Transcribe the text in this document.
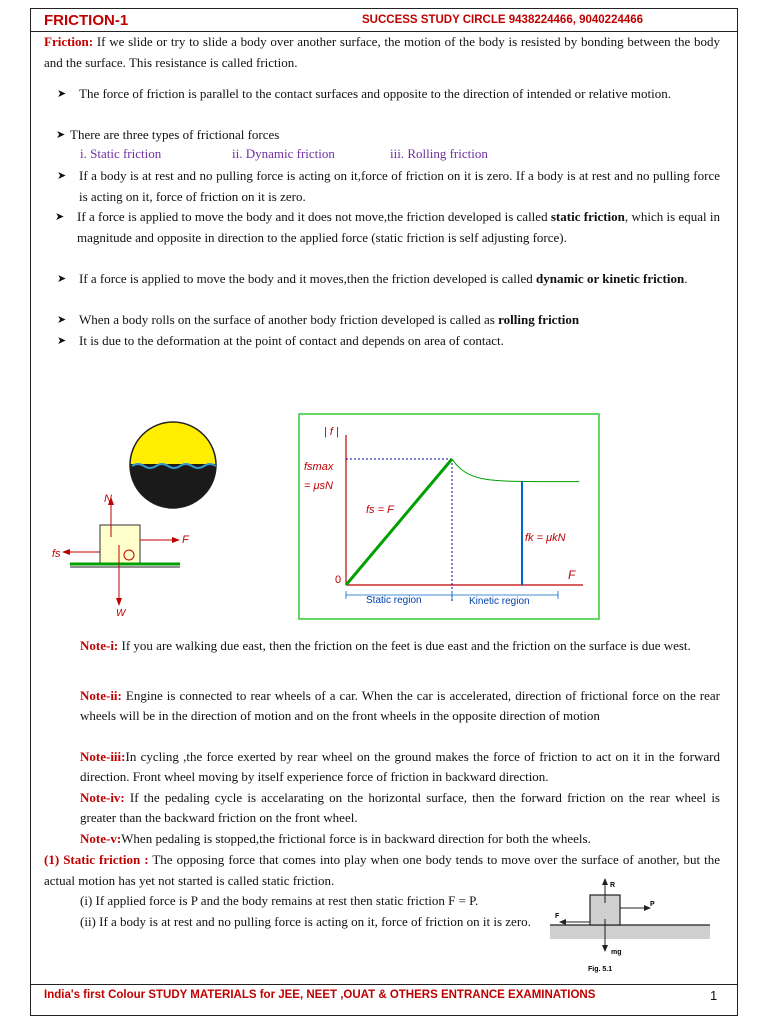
FRICTION-1	SUCCESS STUDY CIRCLE 9438224466, 9040224466
Friction: If we slide or try to slide a body over another surface, the motion of the body is resisted by bonding between the body and the surface. This resistance is called friction.
➤ The force of friction is parallel to the contact surfaces and opposite to the direction of intended or relative motion.
➤ There are three types of frictional forces
i. Static friction	ii. Dynamic friction	iii. Rolling friction
➤ If a body is at rest and no pulling force is acting on it,force of friction on it is zero. If a body is at rest and no pulling force is acting on it, force of friction on it is zero.
➤ If a force is applied to move the body and it does not move,the friction developed is called static friction, which is equal in magnitude and opposite in direction to the applied force (static friction is self adjusting force).
➤ If a force is applied to move the body and it moves,then the friction developed is called dynamic or kinetic friction.
➤ When a body rolls on the surface of another body friction developed is called as rolling friction
➤ It is due to the deformation at the point of contact and depends on area of contact.
N
F
fs
W
| f |
fsmax
= μsN
fs = F
fk = μkN
0	F
Static region	Kinetic region
Note-i: If you are walking due east, then the friction on the feet is due east and the friction on the surface is due west.
Note-ii: Engine is connected to rear wheels of a car. When the car is accelerated, direction of frictional force on the rear wheels will be in the direction of motion and on the front wheels in the opposite direction of motion
Note-iii:In cycling ,the force exerted by rear wheel on the ground makes the force of friction to act on it in the forward direction. Front wheel moving by itself experience force of friction in backward direction.
Note-iv: If the pedaling cycle is accelarating on the horizontal surface, then the forward friction on the rear wheel is greater than the backward friction on the front wheel.
Note-v:When pedaling is stopped,the frictional force is in backward direction for both the wheels.
(1) Static friction : The opposing force that comes into play when one body tends to move over the surface of another, but the actual motion has yet not started is called static friction.
(i) If applied force is P and the body remains at rest then static friction F = P.
(ii) If a body is at rest and no pulling force is acting on it, force of friction on it is zero.
R
P
F
mg
Fig. 5.1
India's first Colour STUDY MATERIALS for JEE, NEET ,OUAT & OTHERS ENTRANCE EXAMINATIONS	1
